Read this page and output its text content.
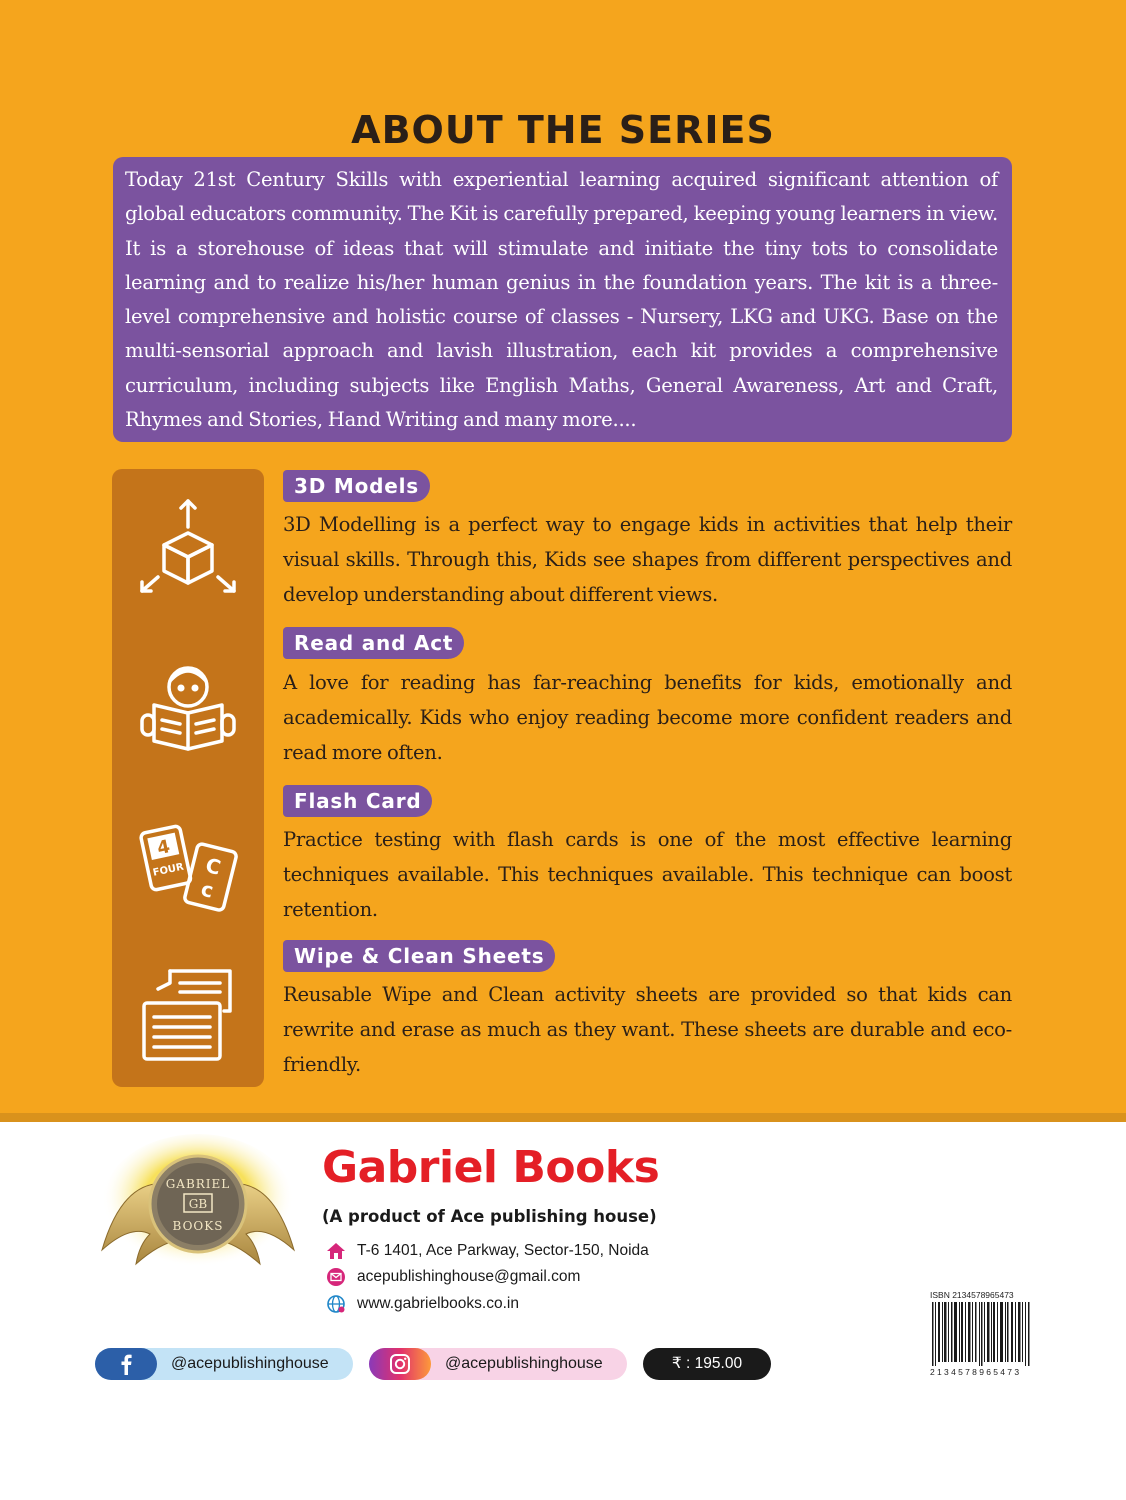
ABOUT THE SERIES

Today 21st Century Skills with experiential learning acquired significant attention of global educators community. The Kit is carefully prepared, keeping young learners in view. It is a storehouse of ideas that will stimulate and initiate the tiny tots to consolidate learning and to realize his/her human genius in the foundation years. The kit is a three-level comprehensive and holistic course of classes - Nursery, LKG and UKG. Base on the multi-sensorial approach and lavish illustration, each kit provides a comprehensive curriculum, including subjects like English Maths, General Awareness, Art and Craft, Rhymes and Stories, Hand Writing and many more....

4
FOUR C
c
3D Models

3D Modelling is a perfect way to engage kids in activities that help their visual skills. Through this, Kids see shapes from different perspectives and develop understanding about different views.

Read and Act

A love for reading has far-reaching benefits for kids, emotionally and academically. Kids who enjoy reading become more confident readers and read more often.

Flash Card

Practice testing with flash cards is one of the most effective learning techniques available. This techniques available. This technique can boost retention.

Wipe & Clean Sheets

Reusable Wipe and Clean activity sheets are provided so that kids can rewrite and erase as much as they want. These sheets are durable and eco-friendly.

GABRIEL
GB
BOOKS
Gabriel Books

(A product of Ace publishing house)

T-6 1401, Ace Parkway, Sector-150, Noida
acepublishinghouse@gmail.com
www.gabrielbooks.co.in	ISBN 2134578965473
2134578965473
@acepublishinghouse	@acepublishinghouse	₹ : 195.00
